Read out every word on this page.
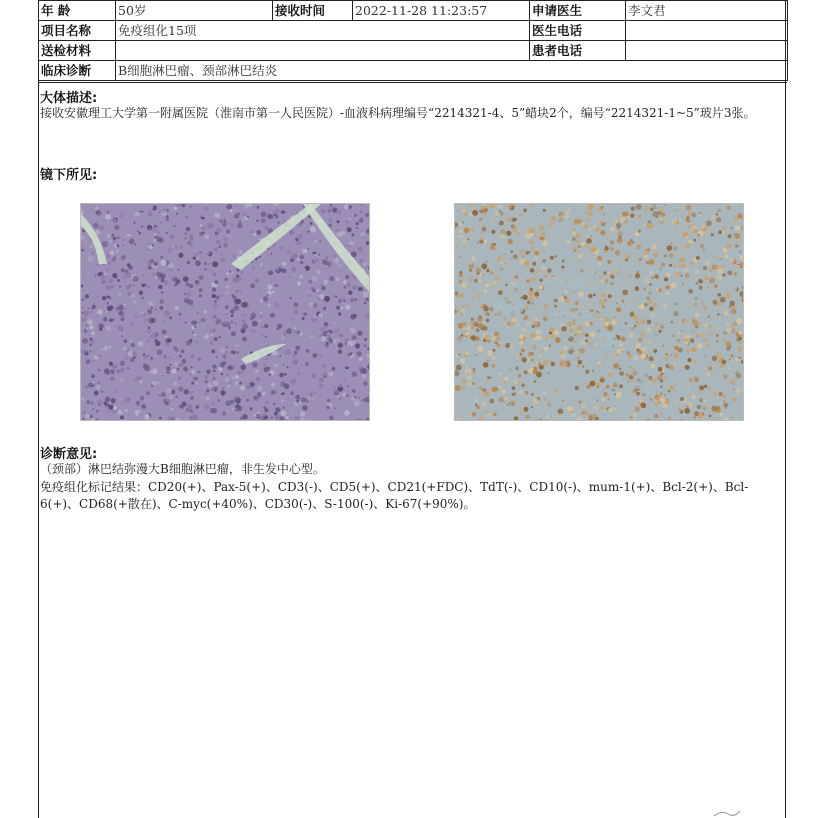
年 龄	50岁	接收时间	2022-11-28 11:23:57	申请医生	李文君
项目名称	免疫组化15项			医生电话	
送检材料				患者电话	
临床诊断	B细胞淋巴瘤、颈部淋巴结炎				
大体描述:
接收安徽理工大学第一附属医院（淮南市第一人民医院）-血液科病理编号“2214321-4、5”蜡块2个，编号“2214321-1~5”玻片3张。
镜下所见:
诊断意见:
（颈部）淋巴结弥漫大B细胞淋巴瘤，非生发中心型。
免疫组化标记结果：CD20(+)、Pax-5(+)、CD3(-)、CD5(+)、CD21(+FDC)、TdT(-)、CD10(-)、mum-1(+)、Bcl-2(+)、Bcl-6(+)、CD68(+散在)、C-myc(+40%)、CD30(-)、S-100(-)、Ki-67(+90%)。
